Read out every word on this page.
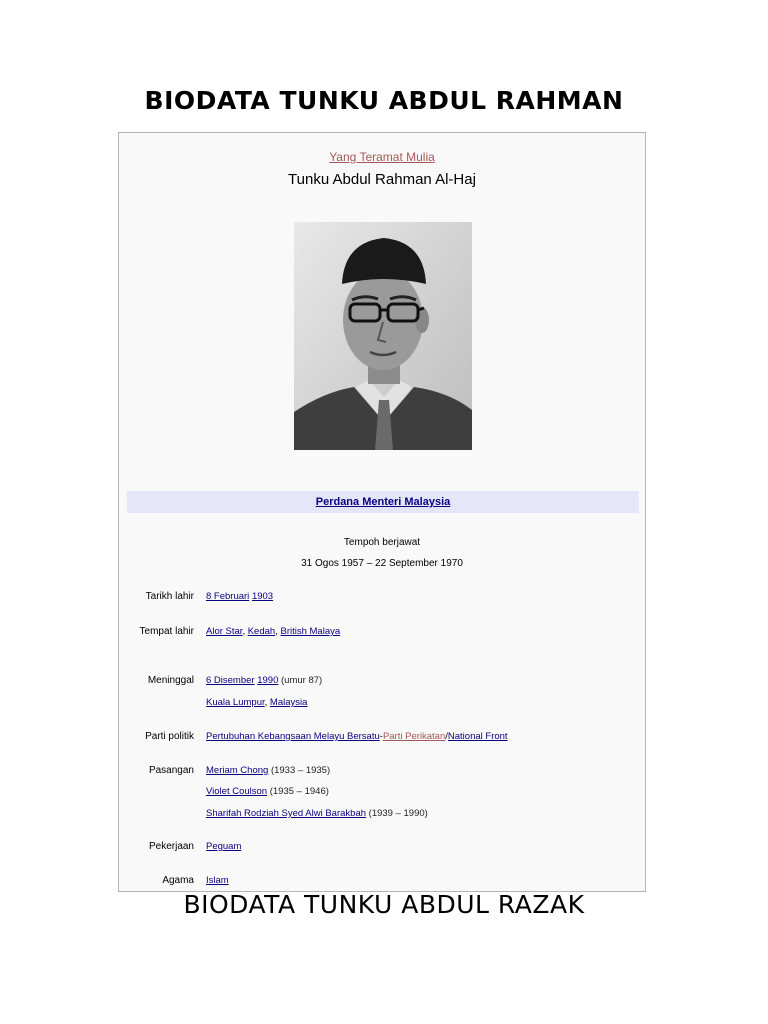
BIODATA TUNKU ABDUL RAHMAN
Yang Teramat Mulia
Tunku Abdul Rahman Al-Haj
Perdana Menteri Malaysia
Tempoh berjawat
31 Ogos 1957 – 22 September 1970
Tarikh lahir 8 Februari 1903
Tempat lahir Alor Star, Kedah, British Malaya
Meninggal 6 Disember 1990 (umur 87)
Kuala Lumpur, Malaysia
Parti politik Pertubuhan Kebangsaan Melayu Bersatu-Parti Perikatan/National Front
Pasangan Meriam Chong (1933 – 1935)
Violet Coulson (1935 – 1946)
Sharifah Rodziah Syed Alwi Barakbah (1939 – 1990)
Pekerjaan Peguam
Agama Islam
BIODATA TUNKU ABDUL RAZAK
